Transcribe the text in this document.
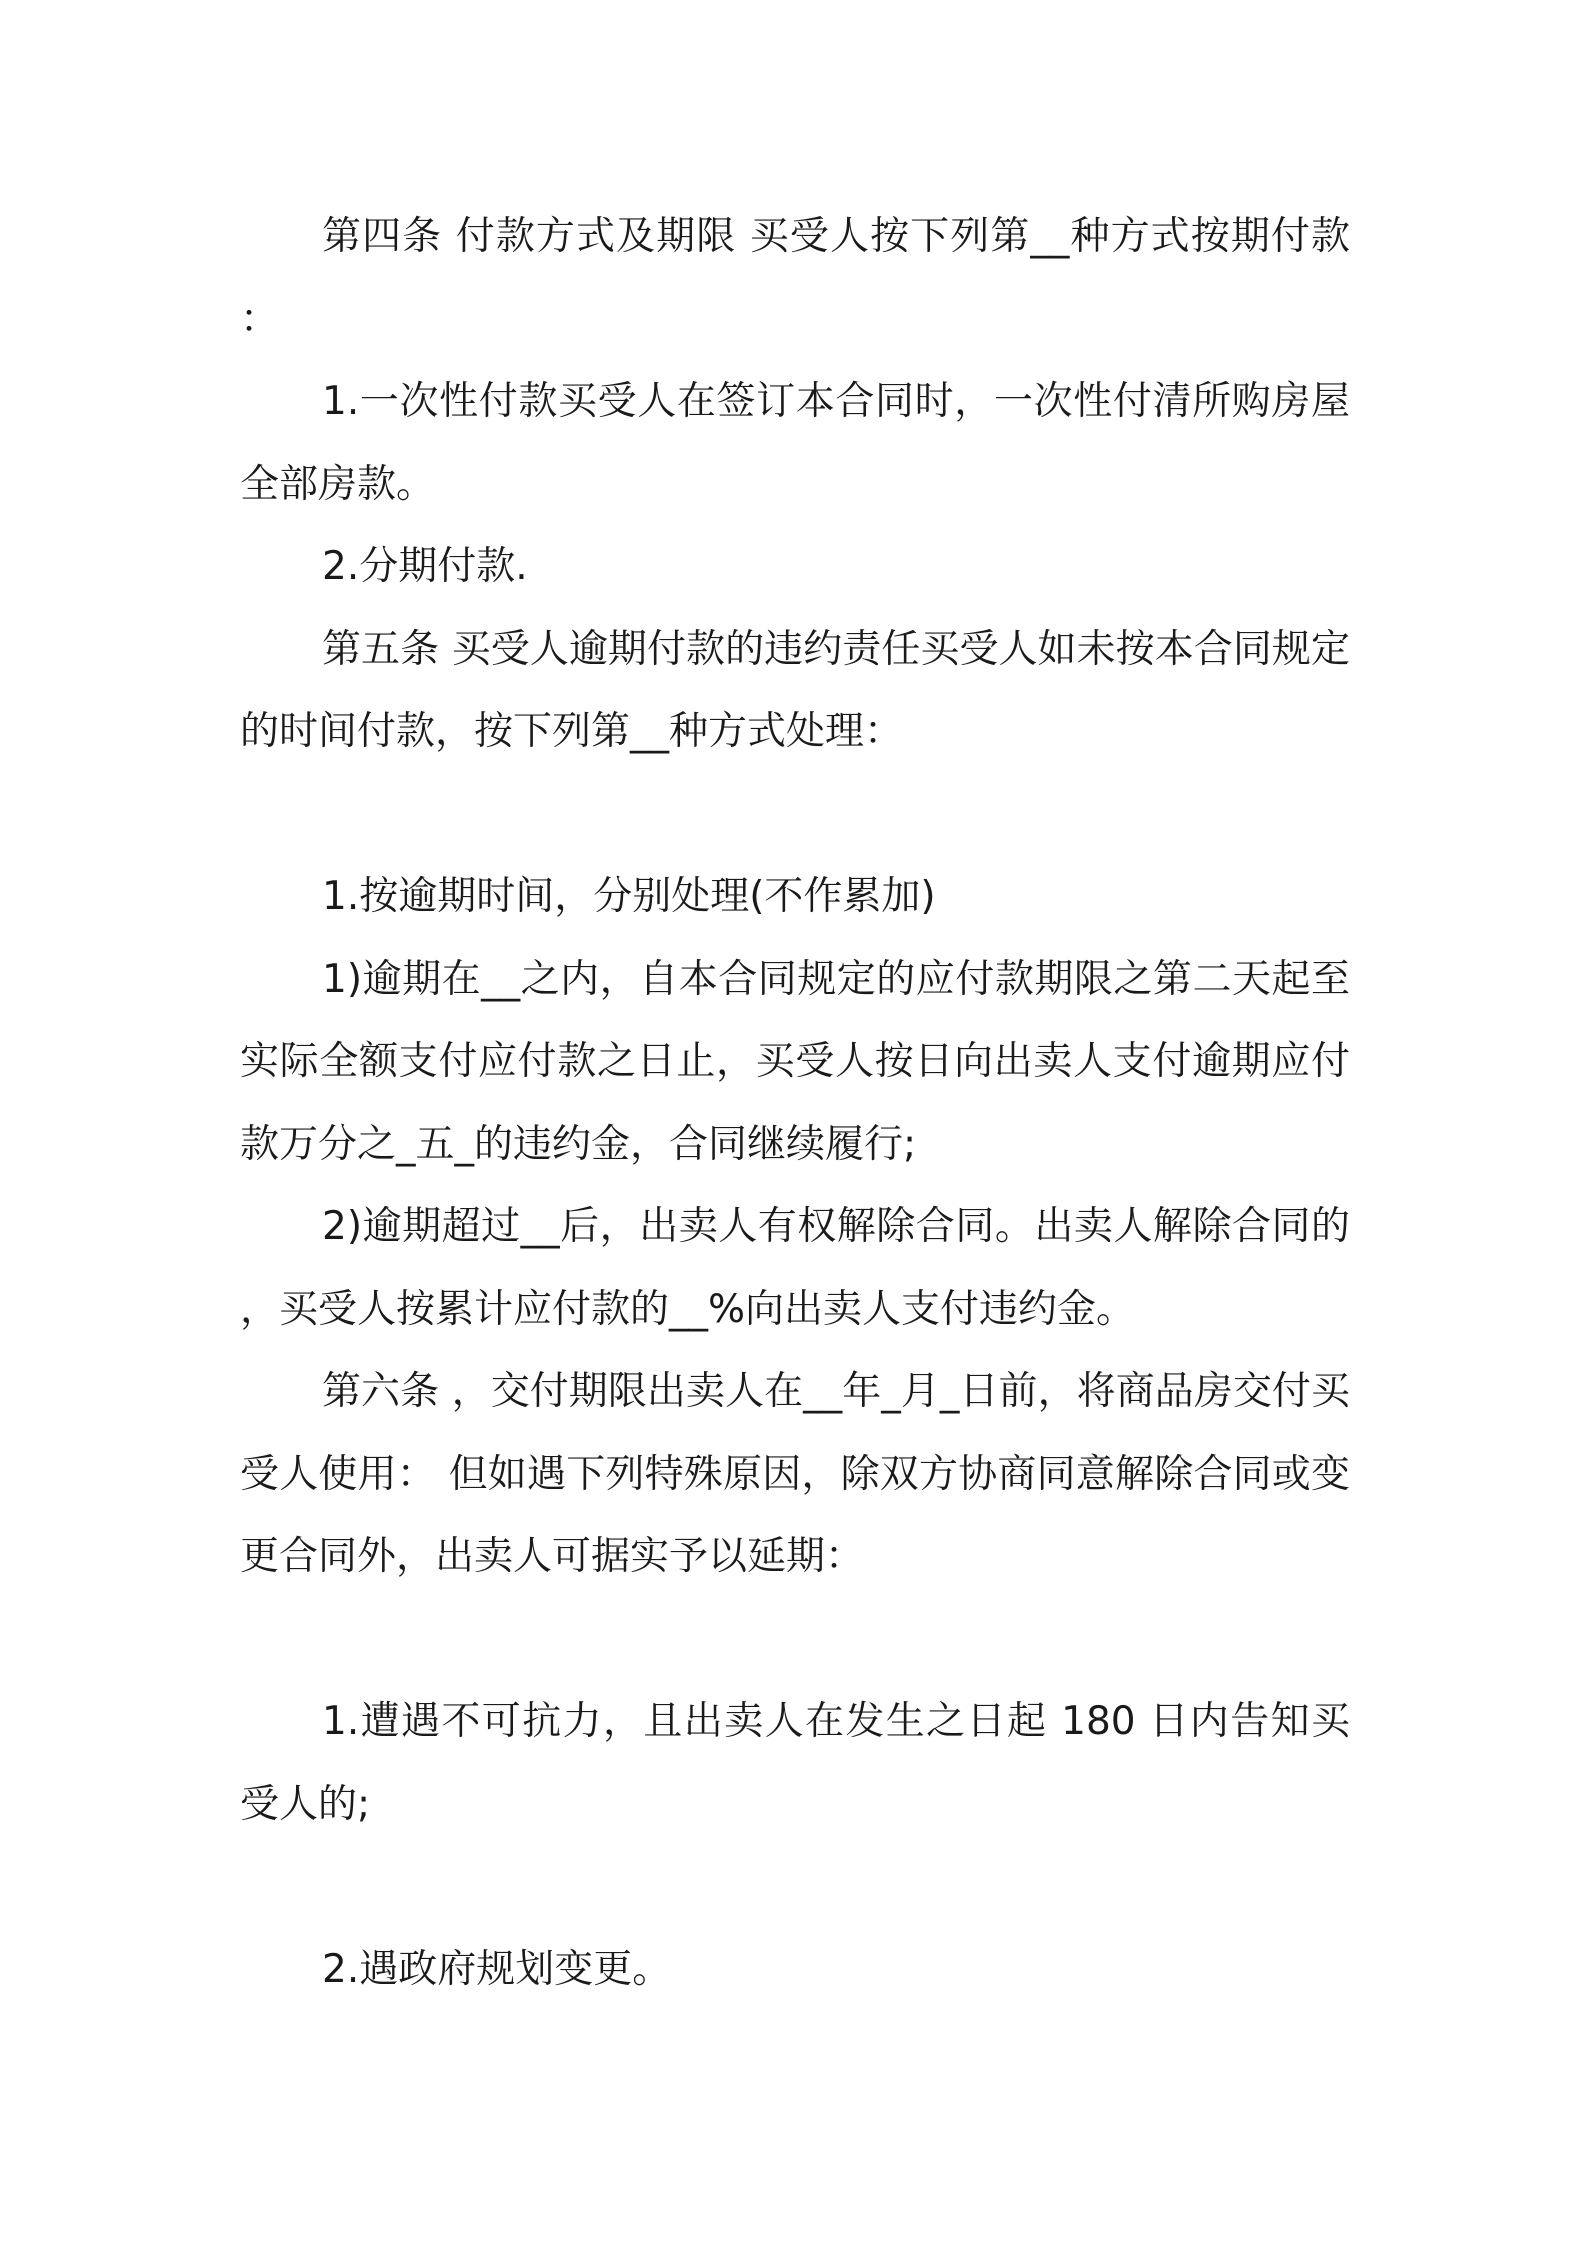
第四条 付款方式及期限 买受人按下列第__种方式按期付款：

1.一次性付款买受人在签订本合同时，一次性付清所购房屋全部房款。

2.分期付款.

第五条 买受人逾期付款的违约责任买受人如未按本合同规定的时间付款，按下列第__种方式处理：

1.按逾期时间，分别处理(不作累加)

1)逾期在__之内，自本合同规定的应付款期限之第二天起至实际全额支付应付款之日止，买受人按日向出卖人支付逾期应付款万分之_五_的违约金，合同继续履行;

2)逾期超过__后，出卖人有权解除合同。出卖人解除合同的，买受人按累计应付款的__%向出卖人支付违约金。

第六条 ，交付期限出卖人在__年_月_日前，将商品房交付买受人使用： 但如遇下列特殊原因，除双方协商同意解除合同或变更合同外，出卖人可据实予以延期：

1.遭遇不可抗力，且出卖人在发生之日起 180 日内告知买受人的;

2.遇政府规划变更。
